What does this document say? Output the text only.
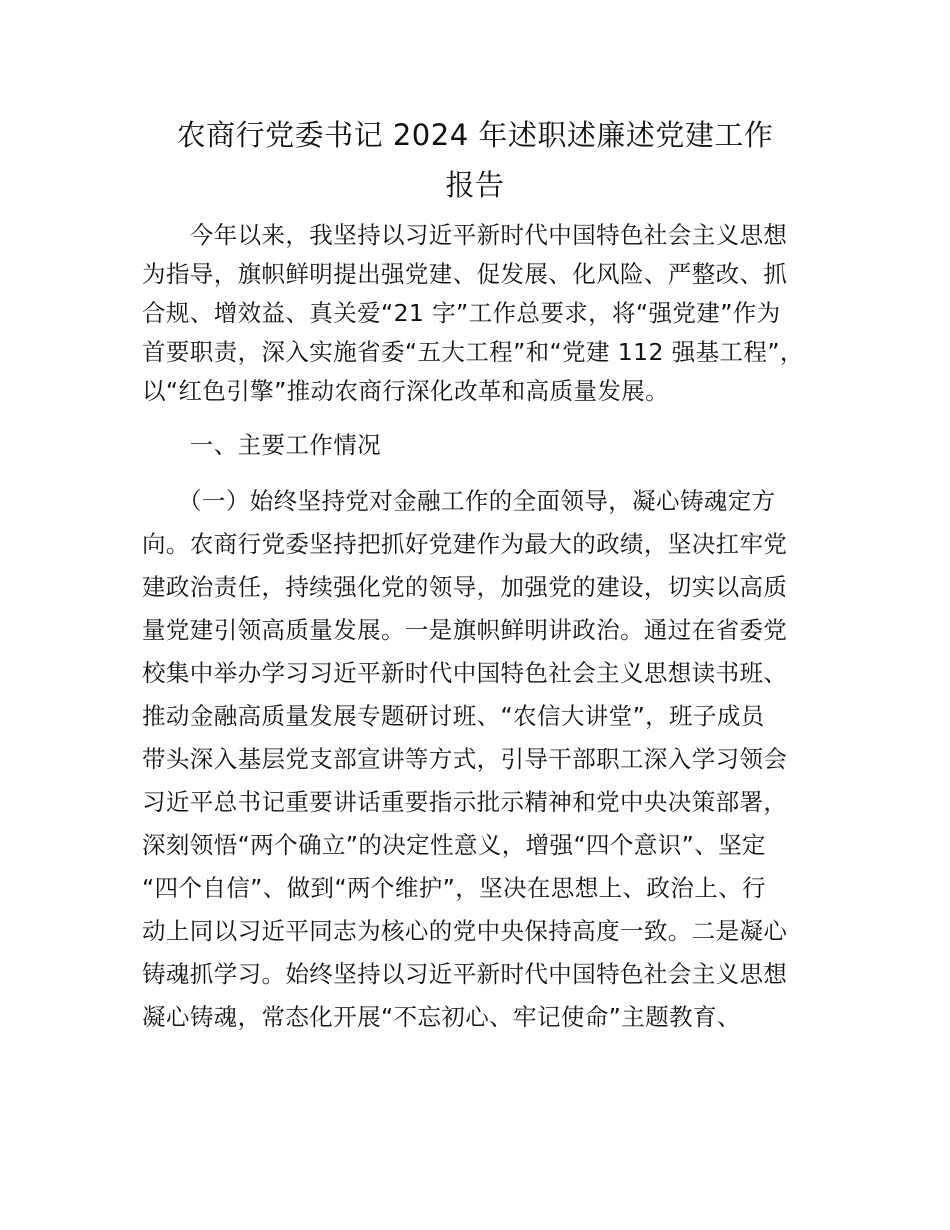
农商行党委书记 2024 年述职述廉述党建工作
报告

　　今年以来，我坚持以习近平新时代中国特色社会主义思想

为指导，旗帜鲜明提出强党建、促发展、化风险、严整改、抓

合规、增效益、真关爱“21 字”工作总要求，将“强党建”作为

首要职责，深入实施省委“五大工程”和“党建 112 强基工程”，

以“红色引擎”推动农商行深化改革和高质量发展。

　　一、主要工作情况

　　（一）始终坚持党对金融工作的全面领导，凝心铸魂定方

向。农商行党委坚持把抓好党建作为最大的政绩，坚决扛牢党

建政治责任，持续强化党的领导，加强党的建设，切实以高质

量党建引领高质量发展。一是旗帜鲜明讲政治。通过在省委党

校集中举办学习习近平新时代中国特色社会主义思想读书班、

推动金融高质量发展专题研讨班、“农信大讲堂”，班子成员

带头深入基层党支部宣讲等方式，引导干部职工深入学习领会

习近平总书记重要讲话重要指示批示精神和党中央决策部署，

深刻领悟“两个确立”的决定性意义，增强“四个意识”、坚定

“四个自信”、做到“两个维护”，坚决在思想上、政治上、行

动上同以习近平同志为核心的党中央保持高度一致。二是凝心

铸魂抓学习。始终坚持以习近平新时代中国特色社会主义思想

凝心铸魂，常态化开展“不忘初心、牢记使命”主题教育、
